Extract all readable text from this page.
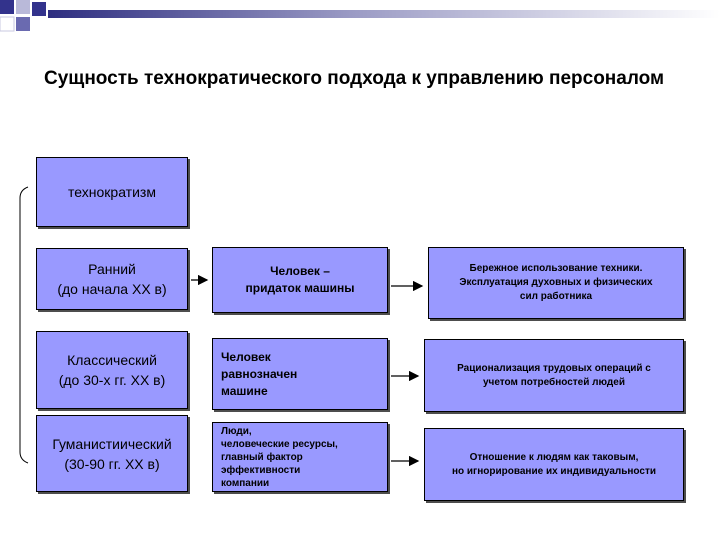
Сущность технократического подхода к управлению персоналом
технократизм
Ранний
(до начала XX в)
Классический
(до 30-х гг. XX в)
Гуманистиический
(30-90 гг. XX в)
Человек –
придаток машины
Человек
равнозначен
машине
Люди,
человеческие ресурсы,
главный фактор
эффективности
компании
Бережное использование техники.
Эксплуатация духовных и физических
сил работника
Рационализация трудовых операций с
учетом потребностей людей
Отношение к людям как таковым,
но игнорирование их индивидуальности
